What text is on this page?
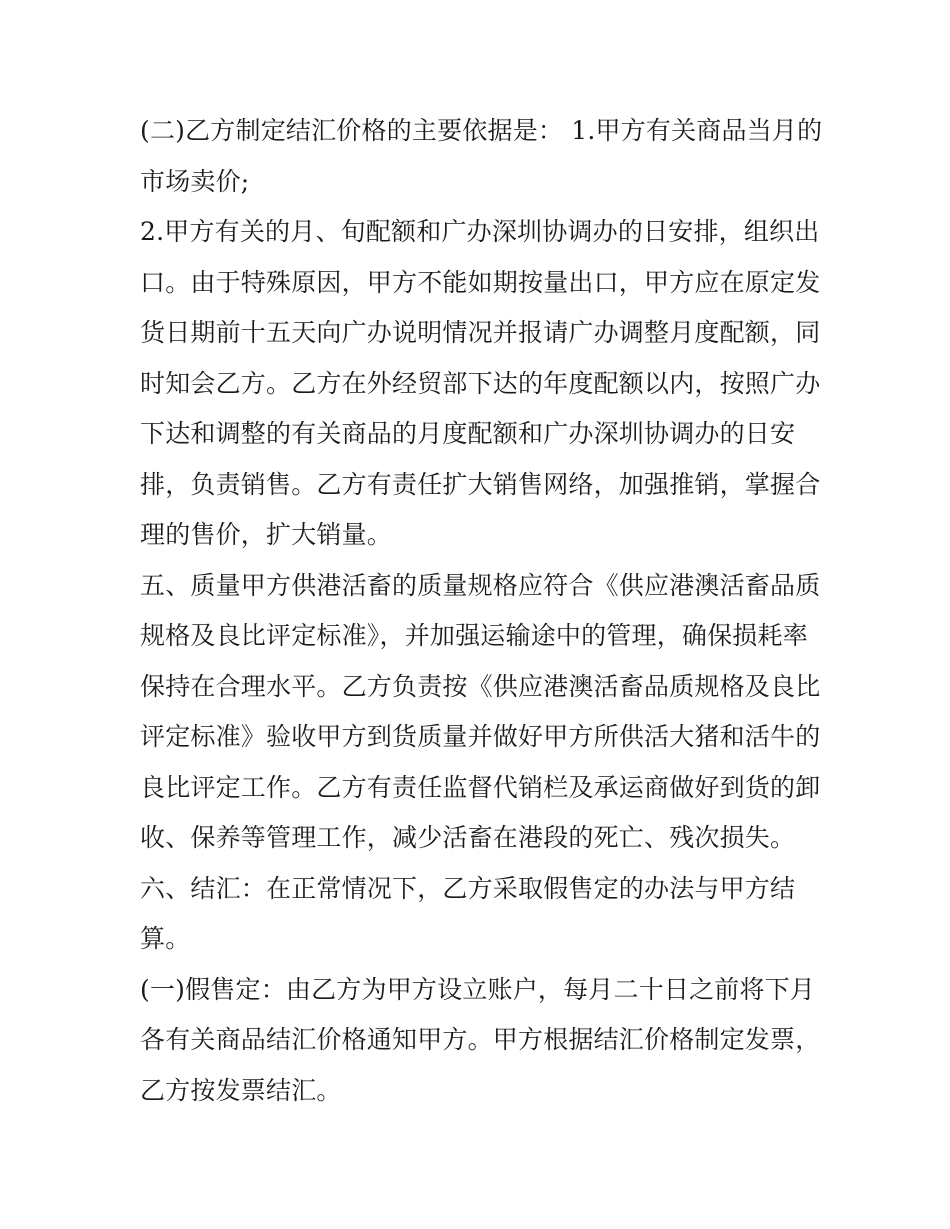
(二)乙方制定结汇价格的主要依据是： 1.甲方有关商品当月的
市场卖价;
2.甲方有关的月、旬配额和广办深圳协调办的日安排，组织出
口。由于特殊原因，甲方不能如期按量出口，甲方应在原定发
货日期前十五天向广办说明情况并报请广办调整月度配额，同
时知会乙方。乙方在外经贸部下达的年度配额以内，按照广办
下达和调整的有关商品的月度配额和广办深圳协调办的日安
排，负责销售。乙方有责任扩大销售网络，加强推销，掌握合
理的售价，扩大销量。
五、质量甲方供港活畜的质量规格应符合《供应港澳活畜品质
规格及良比评定标准》，并加强运输途中的管理，确保损耗率
保持在合理水平。乙方负责按《供应港澳活畜品质规格及良比
评定标准》验收甲方到货质量并做好甲方所供活大猪和活牛的
良比评定工作。乙方有责任监督代销栏及承运商做好到货的卸
收、保养等管理工作，减少活畜在港段的死亡、残次损失。
六、结汇：在正常情况下，乙方采取假售定的办法与甲方结
算。
(一)假售定：由乙方为甲方设立账户，每月二十日之前将下月
各有关商品结汇价格通知甲方。甲方根据结汇价格制定发票，
乙方按发票结汇。
